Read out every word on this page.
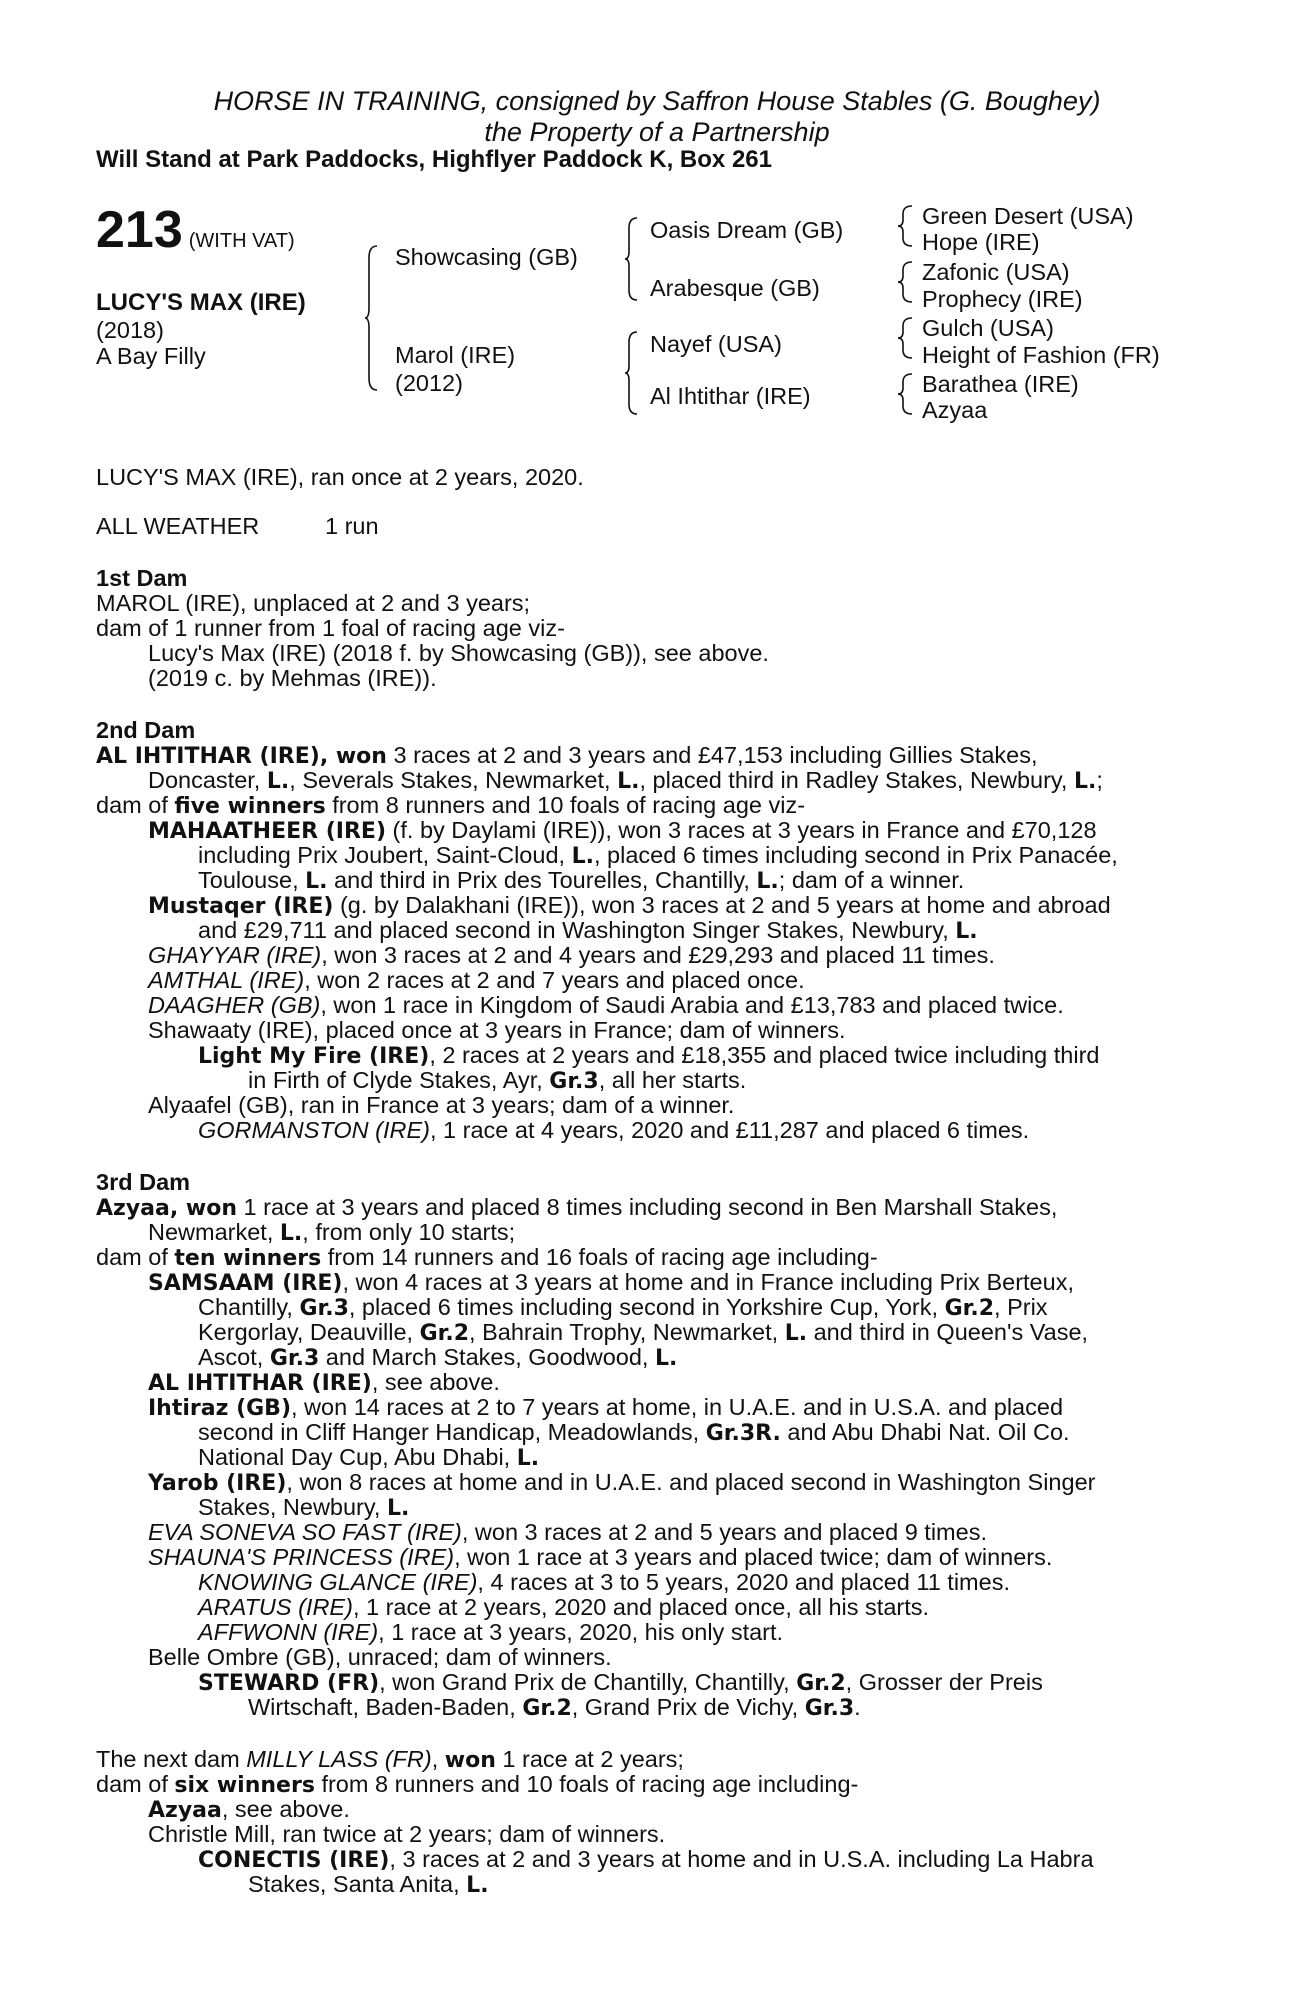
HORSE IN TRAINING, consigned by Saffron House Stables (G. Boughey)
the Property of a Partnership
Will Stand at Park Paddocks, Highflyer Paddock K, Box 261
213 (WITH VAT)
LUCY'S MAX (IRE)
(2018)
A Bay Filly
Showcasing (GB)
Marol (IRE)
(2012)
Oasis Dream (GB)
Arabesque (GB)
Nayef (USA)
Al Ihtithar (IRE)
Green Desert (USA)
Hope (IRE)
Zafonic (USA)
Prophecy (IRE)
Gulch (USA)
Height of Fashion (FR)
Barathea (IRE)
Azyaa
LUCY'S MAX (IRE), ran once at 2 years, 2020.
ALL WEATHER	1 run
1st Dam
MAROL (IRE), unplaced at 2 and 3 years;
dam of 1 runner from 1 foal of racing age viz-
Lucy's Max (IRE) (2018 f. by Showcasing (GB)), see above.
(2019 c. by Mehmas (IRE)).
2nd Dam
AL IHTITHAR (IRE), won 3 races at 2 and 3 years and £47,153 including Gillies Stakes,
Doncaster, L., Severals Stakes, Newmarket, L., placed third in Radley Stakes, Newbury, L.;
dam of five winners from 8 runners and 10 foals of racing age viz-
MAHAATHEER (IRE) (f. by Daylami (IRE)), won 3 races at 3 years in France and £70,128
including Prix Joubert, Saint-Cloud, L., placed 6 times including second in Prix Panacée,
Toulouse, L. and third in Prix des Tourelles, Chantilly, L.; dam of a winner.
Mustaqer (IRE) (g. by Dalakhani (IRE)), won 3 races at 2 and 5 years at home and abroad
and £29,711 and placed second in Washington Singer Stakes, Newbury, L.
GHAYYAR (IRE), won 3 races at 2 and 4 years and £29,293 and placed 11 times.
AMTHAL (IRE), won 2 races at 2 and 7 years and placed once.
DAAGHER (GB), won 1 race in Kingdom of Saudi Arabia and £13,783 and placed twice.
Shawaaty (IRE), placed once at 3 years in France; dam of winners.
Light My Fire (IRE), 2 races at 2 years and £18,355 and placed twice including third
in Firth of Clyde Stakes, Ayr, Gr.3, all her starts.
Alyaafel (GB), ran in France at 3 years; dam of a winner.
GORMANSTON (IRE), 1 race at 4 years, 2020 and £11,287 and placed 6 times.
3rd Dam
Azyaa, won 1 race at 3 years and placed 8 times including second in Ben Marshall Stakes,
Newmarket, L., from only 10 starts;
dam of ten winners from 14 runners and 16 foals of racing age including-
SAMSAAM (IRE), won 4 races at 3 years at home and in France including Prix Berteux,
Chantilly, Gr.3, placed 6 times including second in Yorkshire Cup, York, Gr.2, Prix
Kergorlay, Deauville, Gr.2, Bahrain Trophy, Newmarket, L. and third in Queen's Vase,
Ascot, Gr.3 and March Stakes, Goodwood, L.
AL IHTITHAR (IRE), see above.
Ihtiraz (GB), won 14 races at 2 to 7 years at home, in U.A.E. and in U.S.A. and placed
second in Cliff Hanger Handicap, Meadowlands, Gr.3R. and Abu Dhabi Nat. Oil Co.
National Day Cup, Abu Dhabi, L.
Yarob (IRE), won 8 races at home and in U.A.E. and placed second in Washington Singer
Stakes, Newbury, L.
EVA SONEVA SO FAST (IRE), won 3 races at 2 and 5 years and placed 9 times.
SHAUNA'S PRINCESS (IRE), won 1 race at 3 years and placed twice; dam of winners.
KNOWING GLANCE (IRE), 4 races at 3 to 5 years, 2020 and placed 11 times.
ARATUS (IRE), 1 race at 2 years, 2020 and placed once, all his starts.
AFFWONN (IRE), 1 race at 3 years, 2020, his only start.
Belle Ombre (GB), unraced; dam of winners.
STEWARD (FR), won Grand Prix de Chantilly, Chantilly, Gr.2, Grosser der Preis
Wirtschaft, Baden-Baden, Gr.2, Grand Prix de Vichy, Gr.3.
The next dam MILLY LASS (FR), won 1 race at 2 years;
dam of six winners from 8 runners and 10 foals of racing age including-
Azyaa, see above.
Christle Mill, ran twice at 2 years; dam of winners.
CONECTIS (IRE), 3 races at 2 and 3 years at home and in U.S.A. including La Habra
Stakes, Santa Anita, L.
